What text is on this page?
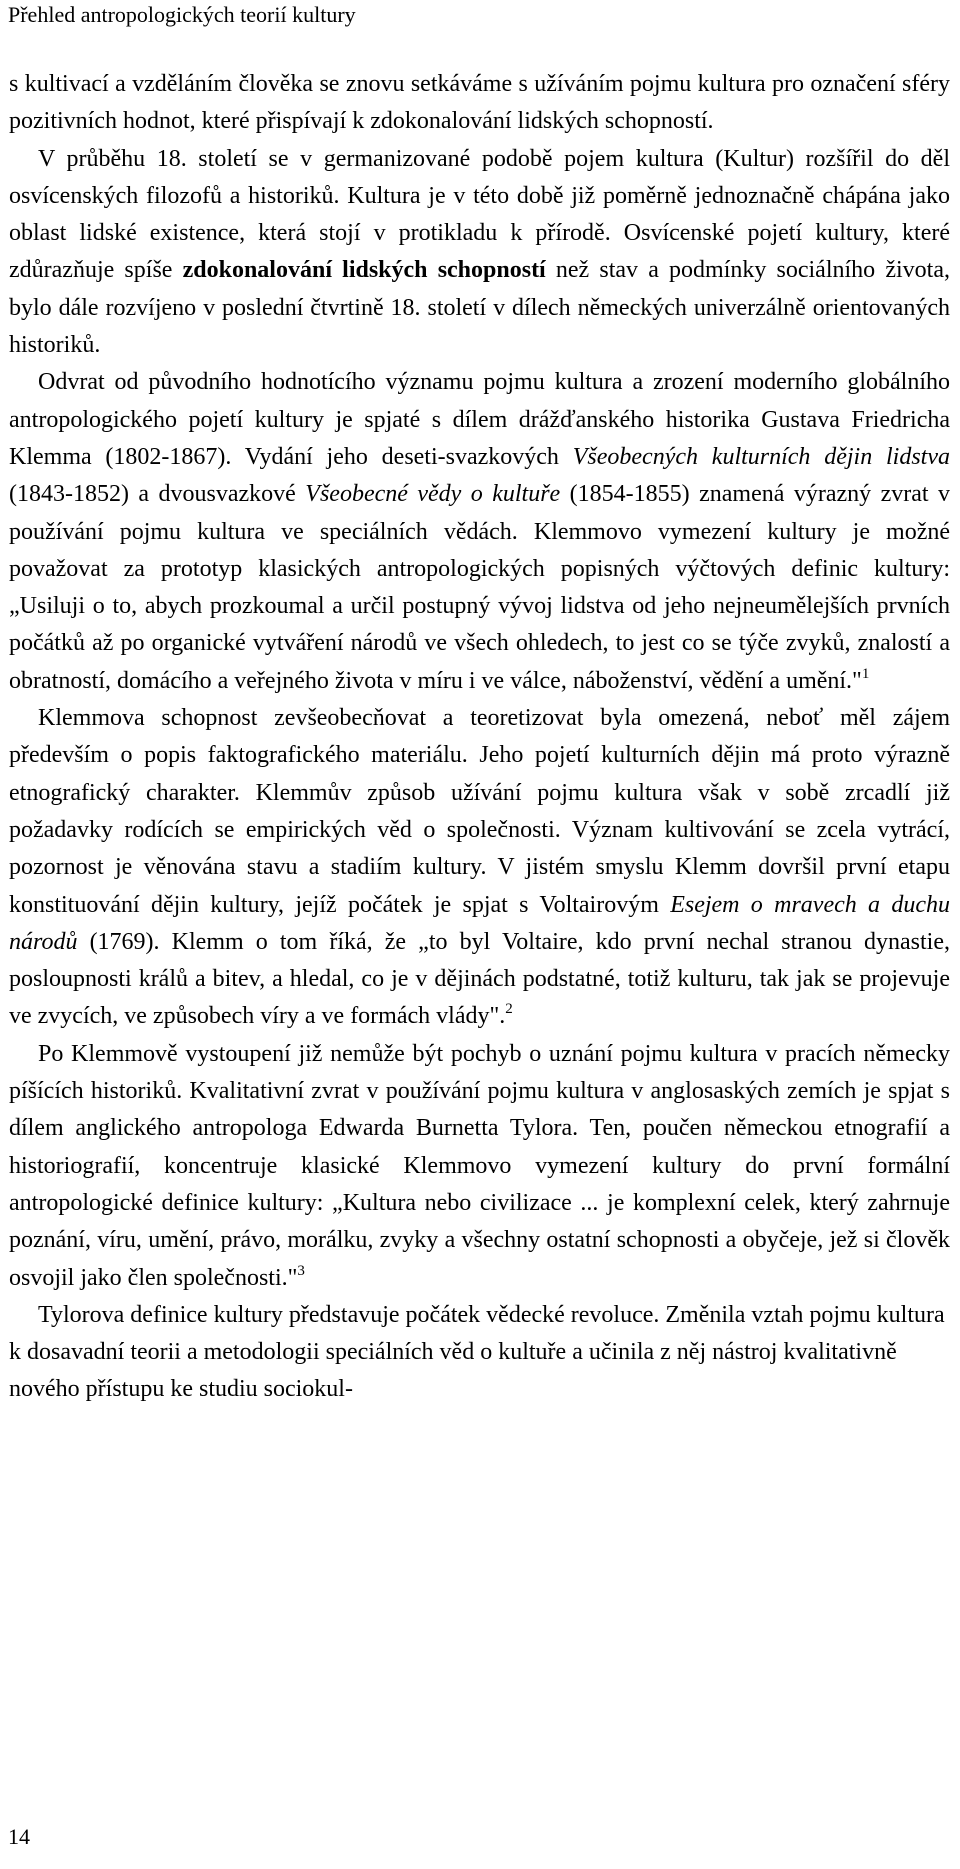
Přehled antropologických teorií kultury

s kultivací a vzděláním člověka se znovu setkáváme s užíváním pojmu kultura pro označení sféry pozitivních hodnot, které přispívají k zdokonalování lidských schopností.

V průběhu 18. století se v germanizované podobě pojem kultura (Kultur) rozšířil do děl osvícenských filozofů a historiků. Kultura je v této době již poměrně jednoznačně chápána jako oblast lidské existence, která stojí v protikladu k přírodě. Osvícenské pojetí kultury, které zdůrazňuje spíše zdokonalování lidských schopností než stav a podmínky sociálního života, bylo dále rozvíjeno v poslední čtvrtině 18. století v dílech německých univerzálně orientovaných historiků.

Odvrat od původního hodnotícího významu pojmu kultura a zrození moderního globálního antropologického pojetí kultury je spjaté s dílem drážďanského historika Gustava Friedricha Klemma (1802-1867). Vydání jeho deseti-svazkových Všeobecných kulturních dějin lidstva (1843-1852) a dvousvazkové Všeobecné vědy o kultuře (1854-1855) znamená výrazný zvrat v používání pojmu kultura ve speciálních vědách. Klemmovo vymezení kultury je možné považovat za prototyp klasických antropologických popisných výčtových definic kultury: „Usiluji o to, abych prozkoumal a určil postupný vývoj lidstva od jeho nejneumělejších prvních počátků až po organické vytváření národů ve všech ohledech, to jest co se týče zvyků, znalostí a obratností, domácího a veřejného života v míru i ve válce, náboženství, vědění a umění."$^1$

Klemmova schopnost zevšeobecňovat a teoretizovat byla omezená, neboť měl zájem především o popis faktografického materiálu. Jeho pojetí kulturních dějin má proto výrazně etnografický charakter. Klemmův způsob užívání pojmu kultura však v sobě zrcadlí již požadavky rodících se empirických věd o společnosti. Význam kultivování se zcela vytrácí, pozornost je věnována stavu a stadiím kultury. V jistém smyslu Klemm dovršil první etapu konstituování dějin kultury, jejíž počátek je spjat s Voltairovým Esejem o mravech a duchu národů (1769). Klemm o tom říká, že „to byl Voltaire, kdo první nechal stranou dynastie, posloupnosti králů a bitev, a hledal, co je v dějinách podstatné, totiž kulturu, tak jak se projevuje ve zvycích, ve způsobech víry a ve formách vlády".$^2$

Po Klemmově vystoupení již nemůže být pochyb o uznání pojmu kultura v pracích německy píšících historiků. Kvalitativní zvrat v používání pojmu kultura v anglosaských zemích je spjat s dílem anglického antropologa Edwarda Burnetta Tylora. Ten, poučen německou etnografií a historiografií, koncentruje klasické Klemmovo vymezení kultury do první formální antropologické definice kultury: „Kultura nebo civilizace ... je komplexní celek, který zahrnuje poznání, víru, umění, právo, morálku, zvyky a všechny ostatní schopnosti a obyčeje, jež si člověk osvojil jako člen společnosti."$^3$

Tylorova definice kultury představuje počátek vědecké revoluce. Změnila vztah pojmu kultura k dosavadní teorii a metodologii speciálních věd o kultuře a učinila z něj nástroj kvalitativně nového přístupu ke studiu sociokul-

14
